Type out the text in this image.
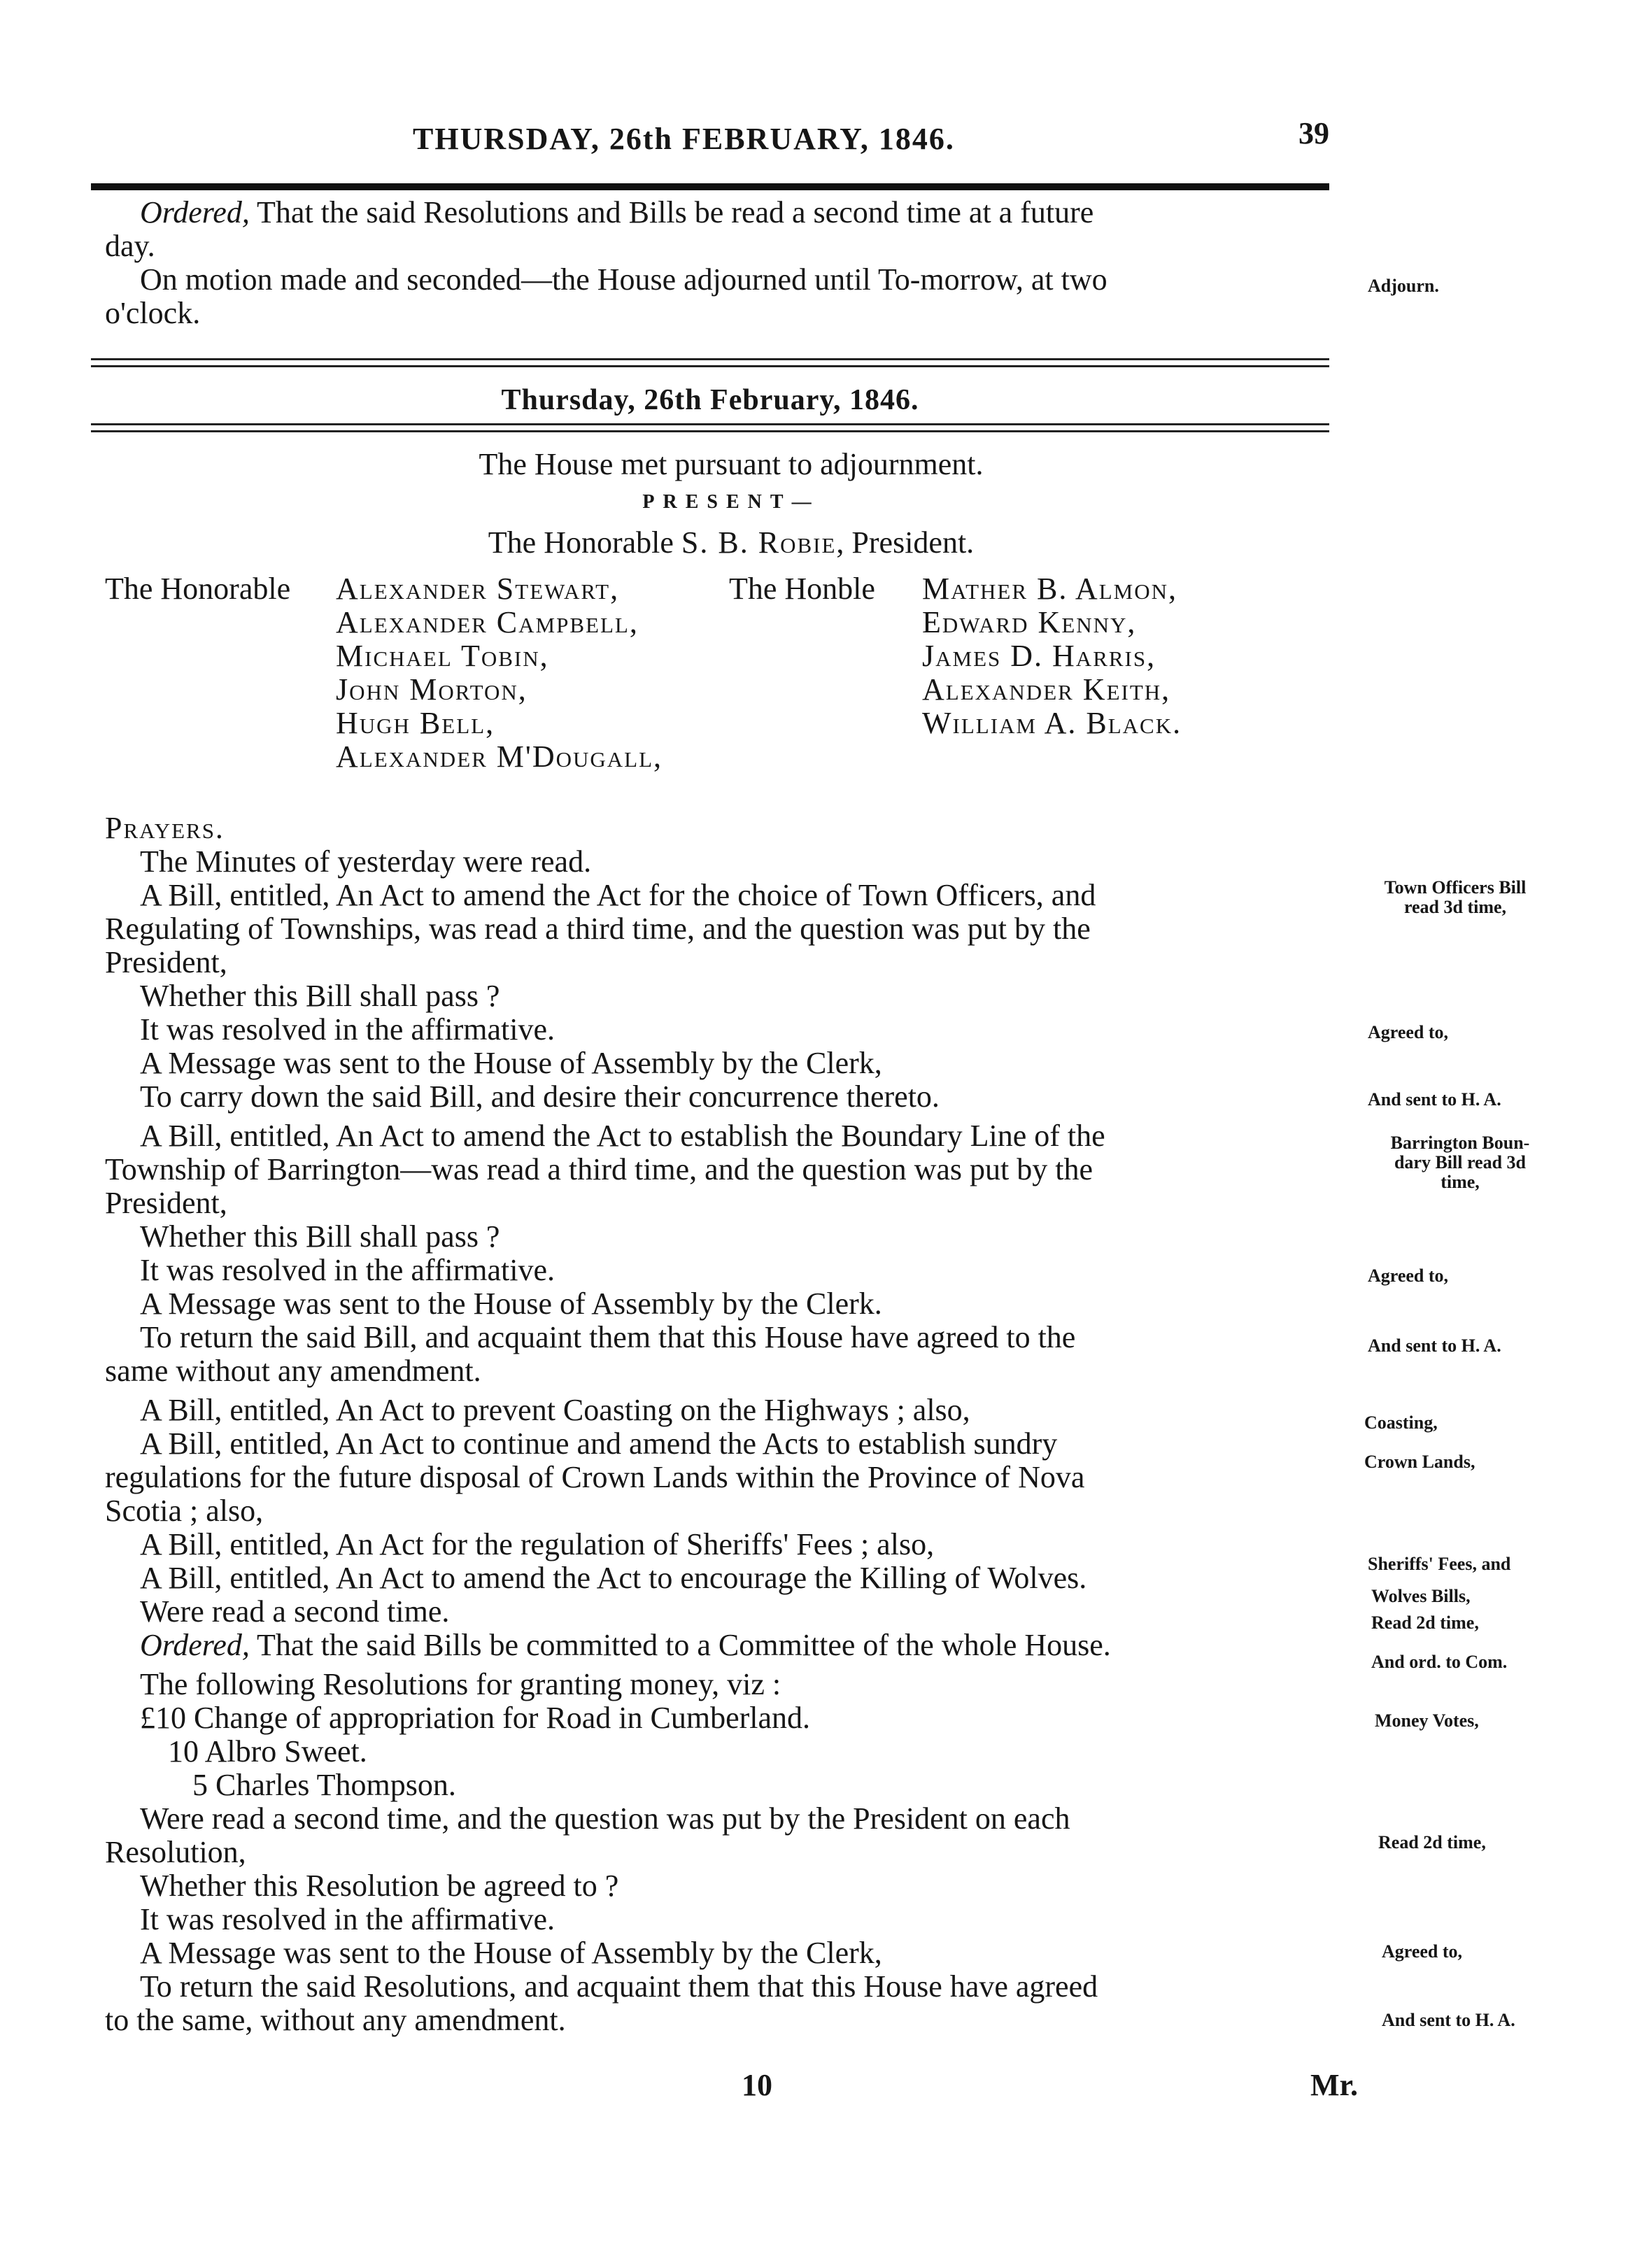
THURSDAY, 26th FEBRUARY, 1846.	39
Ordered, That the said Resolutions and Bills be read a second time at a future
day.
On motion made and seconded—the House adjourned until To-morrow, at two
o'clock.
Adjourn.
Thursday, 26th February, 1846.
The House met pursuant to adjournment.
PRESENT—
The Honorable S. B. Robie, President.
The Honorable Alexander Stewart,
Alexander Campbell,
Michael Tobin,
John Morton,
Hugh Bell,
Alexander M'Dougall,
The Honble Mather B. Almon,
Edward Kenny,
James D. Harris,
Alexander Keith,
William A. Black.
Prayers.
The Minutes of yesterday were read.
A Bill, entitled, An Act to amend the Act for the choice of Town Officers, and
Regulating of Townships, was read a third time, and the question was put by the
President,
Whether this Bill shall pass ?
It was resolved in the affirmative.
A Message was sent to the House of Assembly by the Clerk,
To carry down the said Bill, and desire their concurrence thereto.
A Bill, entitled, An Act to amend the Act to establish the Boundary Line of the
Township of Barrington—was read a third time, and the question was put by the
President,
Whether this Bill shall pass ?
It was resolved in the affirmative.
A Message was sent to the House of Assembly by the Clerk.
To return the said Bill, and acquaint them that this House have agreed to the
same without any amendment.
A Bill, entitled, An Act to prevent Coasting on the Highways ; also,
A Bill, entitled, An Act to continue and amend the Acts to establish sundry
regulations for the future disposal of Crown Lands within the Province of Nova
Scotia ; also,
A Bill, entitled, An Act for the regulation of Sheriffs' Fees ; also,
A Bill, entitled, An Act to amend the Act to encourage the Killing of Wolves.
Were read a second time.
Ordered, That the said Bills be committed to a Committee of the whole House.
The following Resolutions for granting money, viz :
£10 Change of appropriation for Road in Cumberland.
10 Albro Sweet.
5 Charles Thompson.
Were read a second time, and the question was put by the President on each
Resolution,
Whether this Resolution be agreed to ?
It was resolved in the affirmative.
A Message was sent to the House of Assembly by the Clerk,
To return the said Resolutions, and acquaint them that this House have agreed
to the same, without any amendment.
Town Officers Bill
read 3d time,
Agreed to,
And sent to H. A.
Barrington Boun-
dary Bill read 3d
time,
Agreed to,
And sent to H. A.
Coasting,
Crown Lands,
Sheriffs' Fees, and
Wolves Bills,
Read 2d time,
And ord. to Com.
Money Votes,
Read 2d time,
Agreed to,
And sent to H. A.
10	Mr.
